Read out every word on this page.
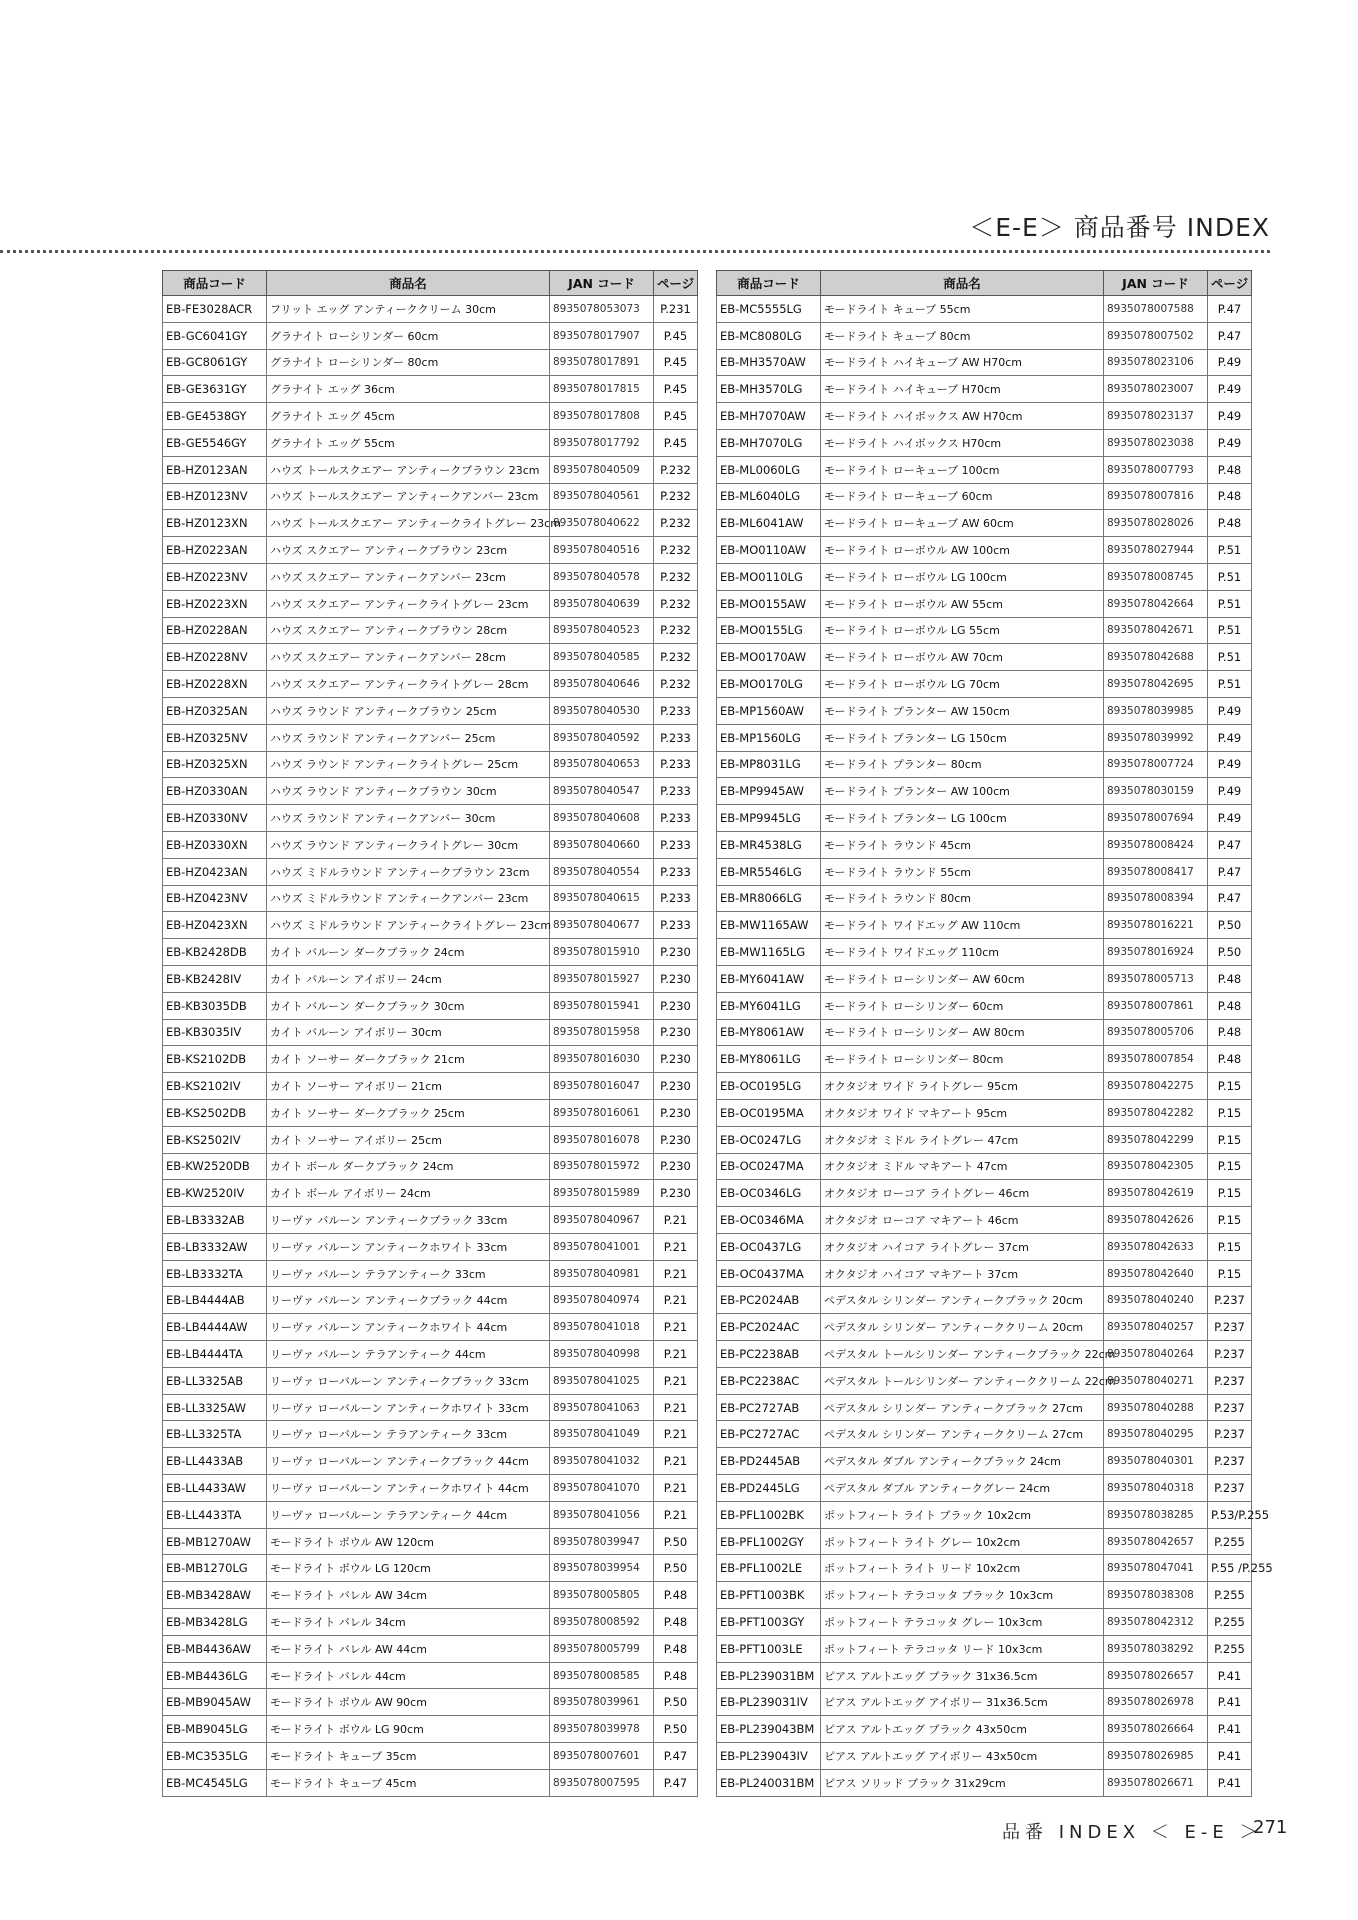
＜E-E＞ 商品番号 INDEX
商品コード	商品名	JAN コード	ページ
EB-FE3028ACR	フリット エッグ アンティーククリーム 30cm	8935078053073	P.231
EB-GC6041GY	グラナイト ローシリンダー 60cm	8935078017907	P.45
EB-GC8061GY	グラナイト ローシリンダー 80cm	8935078017891	P.45
EB-GE3631GY	グラナイト エッグ 36cm	8935078017815	P.45
EB-GE4538GY	グラナイト エッグ 45cm	8935078017808	P.45
EB-GE5546GY	グラナイト エッグ 55cm	8935078017792	P.45
EB-HZ0123AN	ハウズ トールスクエアー アンティークブラウン 23cm	8935078040509	P.232
EB-HZ0123NV	ハウズ トールスクエアー アンティークアンバー 23cm	8935078040561	P.232
EB-HZ0123XN	ハウズ トールスクエアー アンティークライトグレー 23cm	8935078040622	P.232
EB-HZ0223AN	ハウズ スクエアー アンティークブラウン 23cm	8935078040516	P.232
EB-HZ0223NV	ハウズ スクエアー アンティークアンバー 23cm	8935078040578	P.232
EB-HZ0223XN	ハウズ スクエアー アンティークライトグレー 23cm	8935078040639	P.232
EB-HZ0228AN	ハウズ スクエアー アンティークブラウン 28cm	8935078040523	P.232
EB-HZ0228NV	ハウズ スクエアー アンティークアンバー 28cm	8935078040585	P.232
EB-HZ0228XN	ハウズ スクエアー アンティークライトグレー 28cm	8935078040646	P.232
EB-HZ0325AN	ハウズ ラウンド アンティークブラウン 25cm	8935078040530	P.233
EB-HZ0325NV	ハウズ ラウンド アンティークアンバー 25cm	8935078040592	P.233
EB-HZ0325XN	ハウズ ラウンド アンティークライトグレー 25cm	8935078040653	P.233
EB-HZ0330AN	ハウズ ラウンド アンティークブラウン 30cm	8935078040547	P.233
EB-HZ0330NV	ハウズ ラウンド アンティークアンバー 30cm	8935078040608	P.233
EB-HZ0330XN	ハウズ ラウンド アンティークライトグレー 30cm	8935078040660	P.233
EB-HZ0423AN	ハウズ ミドルラウンド アンティークブラウン 23cm	8935078040554	P.233
EB-HZ0423NV	ハウズ ミドルラウンド アンティークアンバー 23cm	8935078040615	P.233
EB-HZ0423XN	ハウズ ミドルラウンド アンティークライトグレー 23cm	8935078040677	P.233
EB-KB2428DB	カイト バルーン ダークブラック 24cm	8935078015910	P.230
EB-KB2428IV	カイト バルーン アイボリー 24cm	8935078015927	P.230
EB-KB3035DB	カイト バルーン ダークブラック 30cm	8935078015941	P.230
EB-KB3035IV	カイト バルーン アイボリー 30cm	8935078015958	P.230
EB-KS2102DB	カイト ソーサー ダークブラック 21cm	8935078016030	P.230
EB-KS2102IV	カイト ソーサー アイボリー 21cm	8935078016047	P.230
EB-KS2502DB	カイト ソーサー ダークブラック 25cm	8935078016061	P.230
EB-KS2502IV	カイト ソーサー アイボリー 25cm	8935078016078	P.230
EB-KW2520DB	カイト ボール ダークブラック 24cm	8935078015972	P.230
EB-KW2520IV	カイト ボール アイボリー 24cm	8935078015989	P.230
EB-LB3332AB	リーヴァ バルーン アンティークブラック 33cm	8935078040967	P.21
EB-LB3332AW	リーヴァ バルーン アンティークホワイト 33cm	8935078041001	P.21
EB-LB3332TA	リーヴァ バルーン テラアンティーク 33cm	8935078040981	P.21
EB-LB4444AB	リーヴァ バルーン アンティークブラック 44cm	8935078040974	P.21
EB-LB4444AW	リーヴァ バルーン アンティークホワイト 44cm	8935078041018	P.21
EB-LB4444TA	リーヴァ バルーン テラアンティーク 44cm	8935078040998	P.21
EB-LL3325AB	リーヴァ ローバルーン アンティークブラック 33cm	8935078041025	P.21
EB-LL3325AW	リーヴァ ローバルーン アンティークホワイト 33cm	8935078041063	P.21
EB-LL3325TA	リーヴァ ローバルーン テラアンティーク 33cm	8935078041049	P.21
EB-LL4433AB	リーヴァ ローバルーン アンティークブラック 44cm	8935078041032	P.21
EB-LL4433AW	リーヴァ ローバルーン アンティークホワイト 44cm	8935078041070	P.21
EB-LL4433TA	リーヴァ ローバルーン テラアンティーク 44cm	8935078041056	P.21
EB-MB1270AW	モードライト ボウル AW 120cm	8935078039947	P.50
EB-MB1270LG	モードライト ボウル LG 120cm	8935078039954	P.50
EB-MB3428AW	モードライト バレル AW 34cm	8935078005805	P.48
EB-MB3428LG	モードライト バレル 34cm	8935078008592	P.48
EB-MB4436AW	モードライト バレル AW 44cm	8935078005799	P.48
EB-MB4436LG	モードライト バレル 44cm	8935078008585	P.48
EB-MB9045AW	モードライト ボウル AW 90cm	8935078039961	P.50
EB-MB9045LG	モードライト ボウル LG 90cm	8935078039978	P.50
EB-MC3535LG	モードライト キューブ 35cm	8935078007601	P.47
EB-MC4545LG	モードライト キューブ 45cm	8935078007595	P.47
商品コード	商品名	JAN コード	ページ
EB-MC5555LG	モードライト キューブ 55cm	8935078007588	P.47
EB-MC8080LG	モードライト キューブ 80cm	8935078007502	P.47
EB-MH3570AW	モードライト ハイキューブ AW H70cm	8935078023106	P.49
EB-MH3570LG	モードライト ハイキューブ H70cm	8935078023007	P.49
EB-MH7070AW	モードライト ハイボックス AW H70cm	8935078023137	P.49
EB-MH7070LG	モードライト ハイボックス H70cm	8935078023038	P.49
EB-ML0060LG	モードライト ローキューブ 100cm	8935078007793	P.48
EB-ML6040LG	モードライト ローキューブ 60cm	8935078007816	P.48
EB-ML6041AW	モードライト ローキューブ AW 60cm	8935078028026	P.48
EB-MO0110AW	モードライト ローボウル AW 100cm	8935078027944	P.51
EB-MO0110LG	モードライト ローボウル LG 100cm	8935078008745	P.51
EB-MO0155AW	モードライト ローボウル AW 55cm	8935078042664	P.51
EB-MO0155LG	モードライト ローボウル LG 55cm	8935078042671	P.51
EB-MO0170AW	モードライト ローボウル AW 70cm	8935078042688	P.51
EB-MO0170LG	モードライト ローボウル LG 70cm	8935078042695	P.51
EB-MP1560AW	モードライト プランター AW 150cm	8935078039985	P.49
EB-MP1560LG	モードライト プランター LG 150cm	8935078039992	P.49
EB-MP8031LG	モードライト プランター 80cm	8935078007724	P.49
EB-MP9945AW	モードライト プランター AW 100cm	8935078030159	P.49
EB-MP9945LG	モードライト プランター LG 100cm	8935078007694	P.49
EB-MR4538LG	モードライト ラウンド 45cm	8935078008424	P.47
EB-MR5546LG	モードライト ラウンド 55cm	8935078008417	P.47
EB-MR8066LG	モードライト ラウンド 80cm	8935078008394	P.47
EB-MW1165AW	モードライト ワイドエッグ AW 110cm	8935078016221	P.50
EB-MW1165LG	モードライト ワイドエッグ 110cm	8935078016924	P.50
EB-MY6041AW	モードライト ローシリンダー AW 60cm	8935078005713	P.48
EB-MY6041LG	モードライト ローシリンダー 60cm	8935078007861	P.48
EB-MY8061AW	モードライト ローシリンダー AW 80cm	8935078005706	P.48
EB-MY8061LG	モードライト ローシリンダー 80cm	8935078007854	P.48
EB-OC0195LG	オクタジオ ワイド ライトグレー 95cm	8935078042275	P.15
EB-OC0195MA	オクタジオ ワイド マキアート 95cm	8935078042282	P.15
EB-OC0247LG	オクタジオ ミドル ライトグレー 47cm	8935078042299	P.15
EB-OC0247MA	オクタジオ ミドル マキアート 47cm	8935078042305	P.15
EB-OC0346LG	オクタジオ ローコア ライトグレー 46cm	8935078042619	P.15
EB-OC0346MA	オクタジオ ローコア マキアート 46cm	8935078042626	P.15
EB-OC0437LG	オクタジオ ハイコア ライトグレー 37cm	8935078042633	P.15
EB-OC0437MA	オクタジオ ハイコア マキアート 37cm	8935078042640	P.15
EB-PC2024AB	ペデスタル シリンダー アンティークブラック 20cm	8935078040240	P.237
EB-PC2024AC	ペデスタル シリンダー アンティーククリーム 20cm	8935078040257	P.237
EB-PC2238AB	ペデスタル トールシリンダー アンティークブラック 22cm	8935078040264	P.237
EB-PC2238AC	ペデスタル トールシリンダー アンティーククリーム 22cm	8935078040271	P.237
EB-PC2727AB	ペデスタル シリンダー アンティークブラック 27cm	8935078040288	P.237
EB-PC2727AC	ペデスタル シリンダー アンティーククリーム 27cm	8935078040295	P.237
EB-PD2445AB	ペデスタル ダブル アンティークブラック 24cm	8935078040301	P.237
EB-PD2445LG	ペデスタル ダブル アンティークグレー 24cm	8935078040318	P.237
EB-PFL1002BK	ポットフィート ライト ブラック 10x2cm	8935078038285	P.53/P.255
EB-PFL1002GY	ポットフィート ライト グレー 10x2cm	8935078042657	P.255
EB-PFL1002LE	ポットフィート ライト リード 10x2cm	8935078047041	P.55 /P.255
EB-PFT1003BK	ポットフィート テラコッタ ブラック 10x3cm	8935078038308	P.255
EB-PFT1003GY	ポットフィート テラコッタ グレー 10x3cm	8935078042312	P.255
EB-PFT1003LE	ポットフィート テラコッタ リード 10x3cm	8935078038292	P.255
EB-PL239031BM	ピアス アルトエッグ ブラック 31x36.5cm	8935078026657	P.41
EB-PL239031IV	ピアス アルトエッグ アイボリー 31x36.5cm	8935078026978	P.41
EB-PL239043BM	ピアス アルトエッグ ブラック 43x50cm	8935078026664	P.41
EB-PL239043IV	ピアス アルトエッグ アイボリー 43x50cm	8935078026985	P.41
EB-PL240031BM	ピアス ソリッド ブラック 31x29cm	8935078026671	P.41
品番 INDEX ＜ E-E ＞
271
